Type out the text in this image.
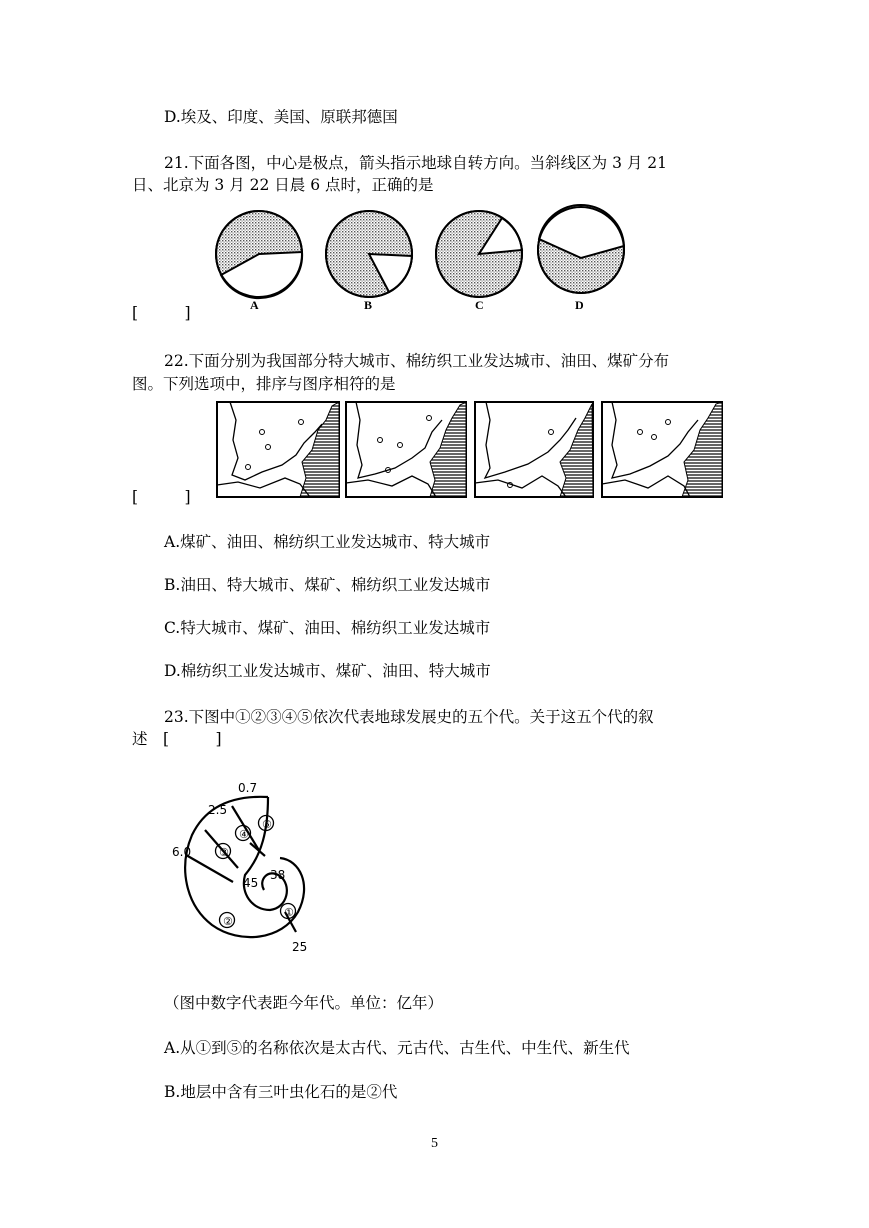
D.埃及、印度、美国、原联邦德国
21.下面各图，中心是极点，箭头指示地球自转方向。当斜线区为 3 月 21
日、北京为 3 月 22 日晨 6 点时，正确的是
[　　　]	A	B	C	D
22.下面分别为我国部分特大城市、棉纺织工业发达城市、油田、煤矿分布
图。下列选项中，排序与图序相符的是
[　　　]
A.煤矿、油田、棉纺织工业发达城市、特大城市
B.油田、特大城市、煤矿、棉纺织工业发达城市
C.特大城市、煤矿、油田、棉纺织工业发达城市
D.棉纺织工业发达城市、煤矿、油田、特大城市
23.下图中①②③④⑤依次代表地球发展史的五个代。关于这五个代的叙
述　[　　　]
0.7
2.5
6.0
38
45
25
①
②
③
④
⑤
（图中数字代表距今年代。单位：亿年）
A.从①到⑤的名称依次是太古代、元古代、古生代、中生代、新生代
B.地层中含有三叶虫化石的是②代
5
